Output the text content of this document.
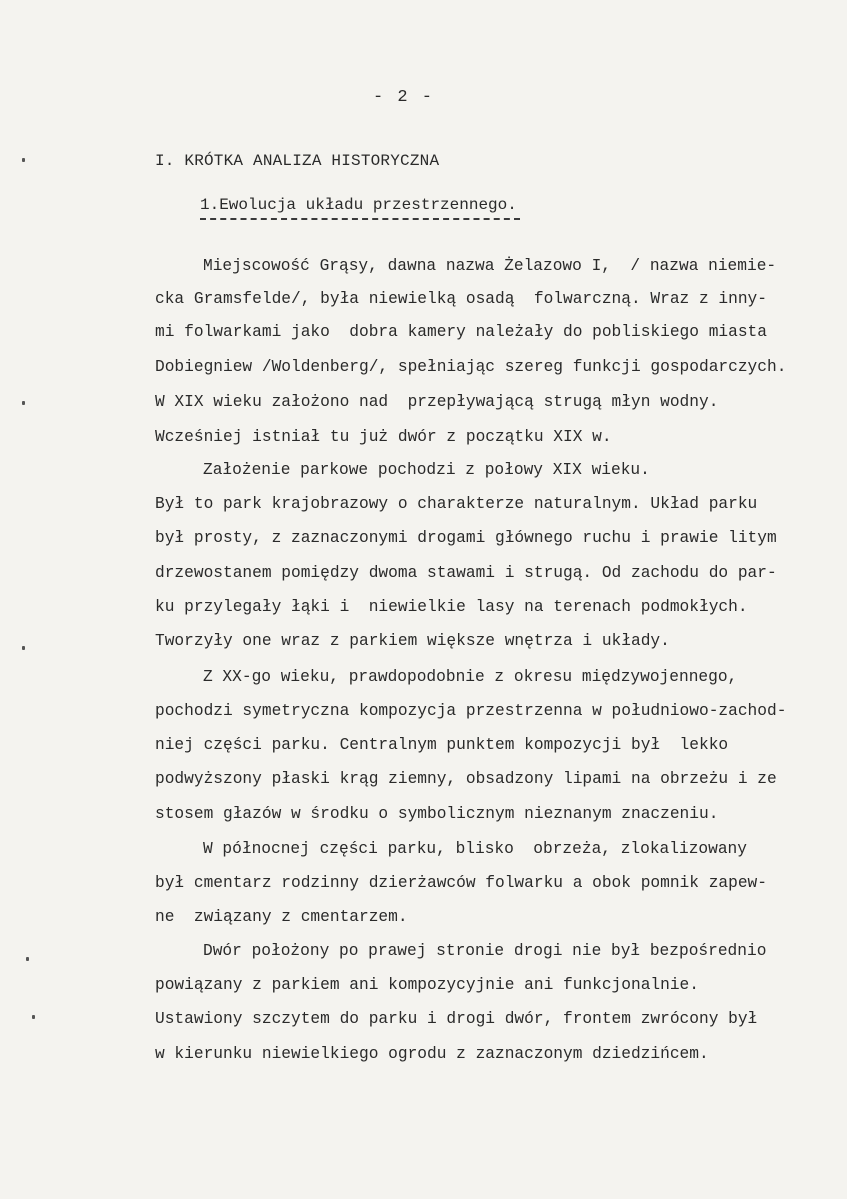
- 2 -
I. KRÓTKA ANALIZA HISTORYCZNA
1.Ewolucja układu przestrzennego.
Miejscowość Grąsy, dawna nazwa Żelazowo I,  / nazwa niemie-
cka Gramsfelde/, była niewielką osadą  folwarczną. Wraz z inny-
mi folwarkami jako  dobra kamery należały do pobliskiego miasta
Dobiegniew /Woldenberg/, spełniając szereg funkcji gospodarczych.
W XIX wieku założono nad  przepływającą strugą młyn wodny.
Wcześniej istniał tu już dwór z początku XIX w.
Założenie parkowe pochodzi z połowy XIX wieku.
Był to park krajobrazowy o charakterze naturalnym. Układ parku
był prosty, z zaznaczonymi drogami głównego ruchu i prawie litym
drzewostanem pomiędzy dwoma stawami i strugą. Od zachodu do par-
ku przylegały łąki i  niewielkie lasy na terenach podmokłych.
Tworzyły one wraz z parkiem większe wnętrza i układy.
Z XX-go wieku, prawdopodobnie z okresu międzywojennego,
pochodzi symetryczna kompozycja przestrzenna w południowo-zachod-
niej części parku. Centralnym punktem kompozycji był  lekko
podwyższony płaski krąg ziemny, obsadzony lipami na obrzeżu i ze
stosem głazów w środku o symbolicznym nieznanym znaczeniu.
W północnej części parku, blisko  obrzeża, zlokalizowany
był cmentarz rodzinny dzierżawców folwarku a obok pomnik zapew-
ne  związany z cmentarzem.
Dwór położony po prawej stronie drogi nie był bezpośrednio
powiązany z parkiem ani kompozycyjnie ani funkcjonalnie.
Ustawiony szczytem do parku i drogi dwór, frontem zwrócony był
w kierunku niewielkiego ogrodu z zaznaczonym dziedzińcem.
